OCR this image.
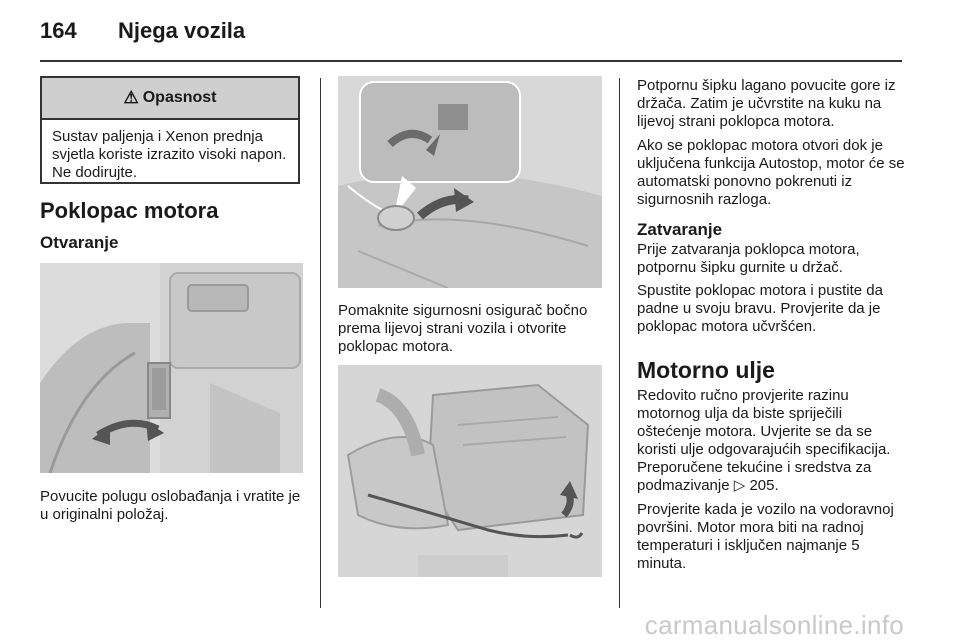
164 Njega vozila
⚠ Opasnost
Sustav paljenja i Xenon prednja svjetla koriste izrazito visoki napon. Ne dodirujte.
Poklopac motora
Otvaranje
Povucite polugu oslobađanja i vratite je u originalni položaj.
Pomaknite sigurnosni osigurač bočno prema lijevoj strani vozila i otvorite poklopac motora.
Potpornu šipku lagano povucite gore iz držača. Zatim je učvrstite na kuku na lijevoj strani poklopca motora.
Ako se poklopac motora otvori dok je uključena funkcija Autostop, motor će se automatski ponovno pokrenuti iz sigurnosnih razloga.
Zatvaranje
Prije zatvaranja poklopca motora, potpornu šipku gurnite u držač.
Spustite poklopac motora i pustite da padne u svoju bravu. Provjerite da je poklopac motora učvršćen.
Motorno ulje
Redovito ručno provjerite razinu motornog ulja da biste spriječili oštećenje motora. Uvjerite se da se koristi ulje odgovarajućih specifikacija. Preporučene tekućine i sredstva za podmazivanje ▷ 205.
Provjerite kada je vozilo na vodoravnoj površini. Motor mora biti na radnoj temperaturi i isključen najmanje 5 minuta.
carmanualsonline.info
